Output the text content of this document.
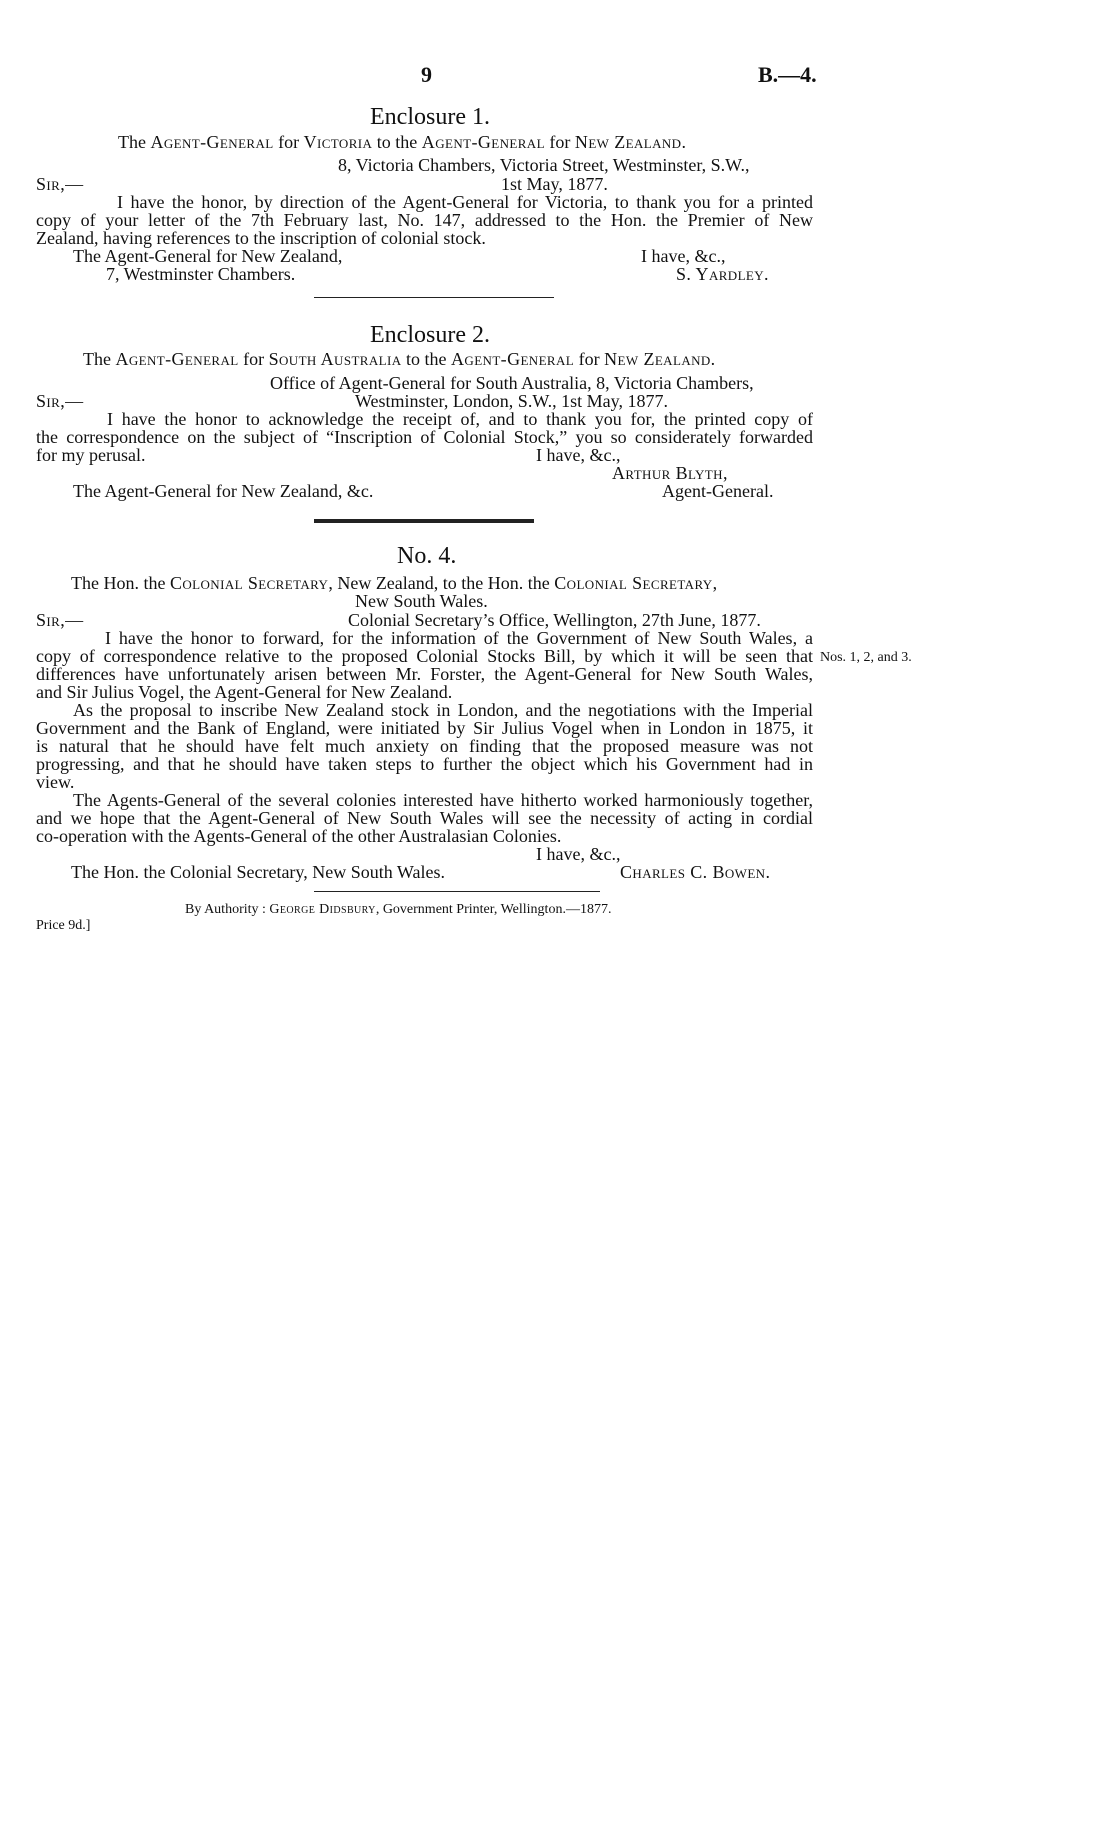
9	B.—4.
Enclosure 1.
The Agent-General for Victoria to the Agent-General for New Zealand.
8, Victoria Chambers, Victoria Street, Westminster, S.W.,
Sir,—	1st May, 1877.
I have the honor, by direction of the Agent-General for Victoria, to thank you for a printed
copy of your letter of the 7th February last, No. 147, addressed to the Hon. the Premier of New
Zealand, having references to the inscription of colonial stock.
The Agent-General for New Zealand,	I have, &c.,
7, Westminster Chambers.	S. Yardley.
Enclosure 2.
The Agent-General for South Australia to the Agent-General for New Zealand.
Office of Agent-General for South Australia, 8, Victoria Chambers,
Sir,—	Westminster, London, S.W., 1st May, 1877.
I have the honor to acknowledge the receipt of, and to thank you for, the printed copy of
the correspondence on the subject of “Inscription of Colonial Stock,” you so considerately forwarded
for my perusal.	I have, &c.,
Arthur Blyth,
The Agent-General for New Zealand, &c.	Agent-General.
No. 4.
The Hon. the Colonial Secretary, New Zealand, to the Hon. the Colonial Secretary,
New South Wales.
Sir,—	Colonial Secretary’s Office, Wellington, 27th June, 1877.
I have the honor to forward, for the information of the Government of New South Wales, a
copy of correspondence relative to the proposed Colonial Stocks Bill, by which it will be seen that Nos. 1, 2, and 3.
differences have unfortunately arisen between Mr. Forster, the Agent-General for New South Wales,
and Sir Julius Vogel, the Agent-General for New Zealand.
As the proposal to inscribe New Zealand stock in London, and the negotiations with the Imperial
Government and the Bank of England, were initiated by Sir Julius Vogel when in London in 1875, it
is natural that he should have felt much anxiety on finding that the proposed measure was not
progressing, and that he should have taken steps to further the object which his Government had in
view.
The Agents-General of the several colonies interested have hitherto worked harmoniously together,
and we hope that the Agent-General of New South Wales will see the necessity of acting in cordial
co-operation with the Agents-General of the other Australasian Colonies.
I have, &c.,
The Hon. the Colonial Secretary, New South Wales.	Charles C. Bowen.
By Authority : George Didsbury, Government Printer, Wellington.—1877.
Price 9d.]
